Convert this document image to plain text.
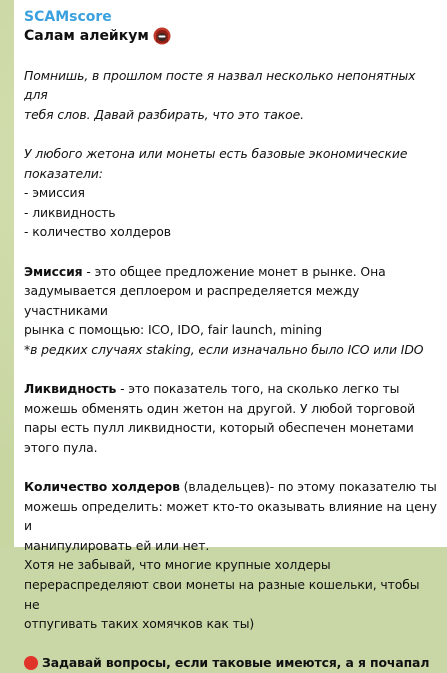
SCAMscore
Салам алейкум

Помнишь, в прошлом посте я назвал несколько непонятных для

тебя слов. Давай разбирать, что это такое.

У любого жетона или монеты есть базовые экономические

показатели:

- эмиссия

- ликвидность

- количество холдеров

Эмиссия - это общее предложение монет в рынке. Она

задумывается деплоером и распределяется между участниками

рынка с помощью: ICO, IDO, fair launch, mining

*в редких случаях staking, если изначально было ICO или IDO

Ликвидность - это показатель того, на сколько легко ты

можешь обменять один жетон на другой. У любой торговой

пары есть пулл ликвидности, который обеспечен монетами

этого пула.

Количество холдеров (владельцев)- по этому показателю ты

можешь определить: может кто-то оказывать влияние на цену и

манипулировать ей или нет.

Хотя не забывай, что многие крупные холдеры

перераспределяют свои монеты на разные кошельки, чтобы не

отпугивать таких хомячков как ты)

Задавай вопросы, если таковые имеются, а я почапал
